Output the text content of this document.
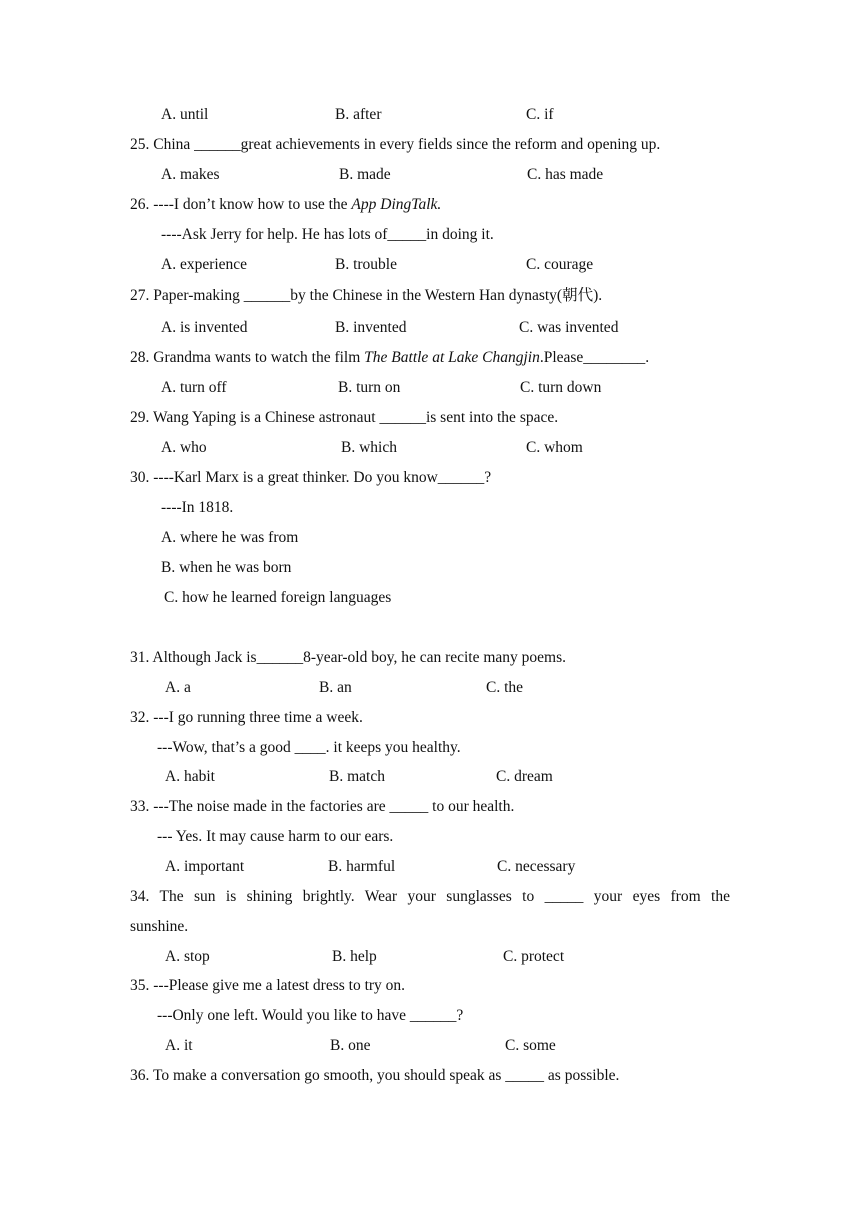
A. until	B. after	C. if
25. China ______great achievements in every fields since the reform and opening up.
A. makes	B. made	C. has made
26. ----I don’t know how to use the App DingTalk.
----Ask Jerry for help. He has lots of_____in doing it.
A. experience	B. trouble	C. courage
27. Paper-making ______by the Chinese in the Western Han dynasty(朝代).
A. is invented	B. invented	C. was invented
28. Grandma wants to watch the film The Battle at Lake Changjin.Please________.
A. turn off	B. turn on	C. turn down
29. Wang Yaping is a Chinese astronaut ______is sent into the space.
A. who	B. which	C. whom
30. ----Karl Marx is a great thinker. Do you know______?
----In 1818.
A. where he was from
B. when he was born
C. how he learned foreign languages
31. Although Jack is______8-year-old boy, he can recite many poems.
A. a	B. an	C. the
32. ---I go running three time a week.
---Wow, that’s a good ____. it keeps you healthy.
A. habit	B. match	C. dream
33. ---The noise made in the factories are _____ to our health.
--- Yes. It may cause harm to our ears.
A. important	B. harmful	C. necessary
34. The sun is shining brightly. Wear your sunglasses to _____ your eyes from the
sunshine.
A. stop	B. help	C. protect
35. ---Please give me a latest dress to try on.
---Only one left. Would you like to have ______?
A. it	B. one	C. some
36. To make a conversation go smooth, you should speak as _____ as possible.
